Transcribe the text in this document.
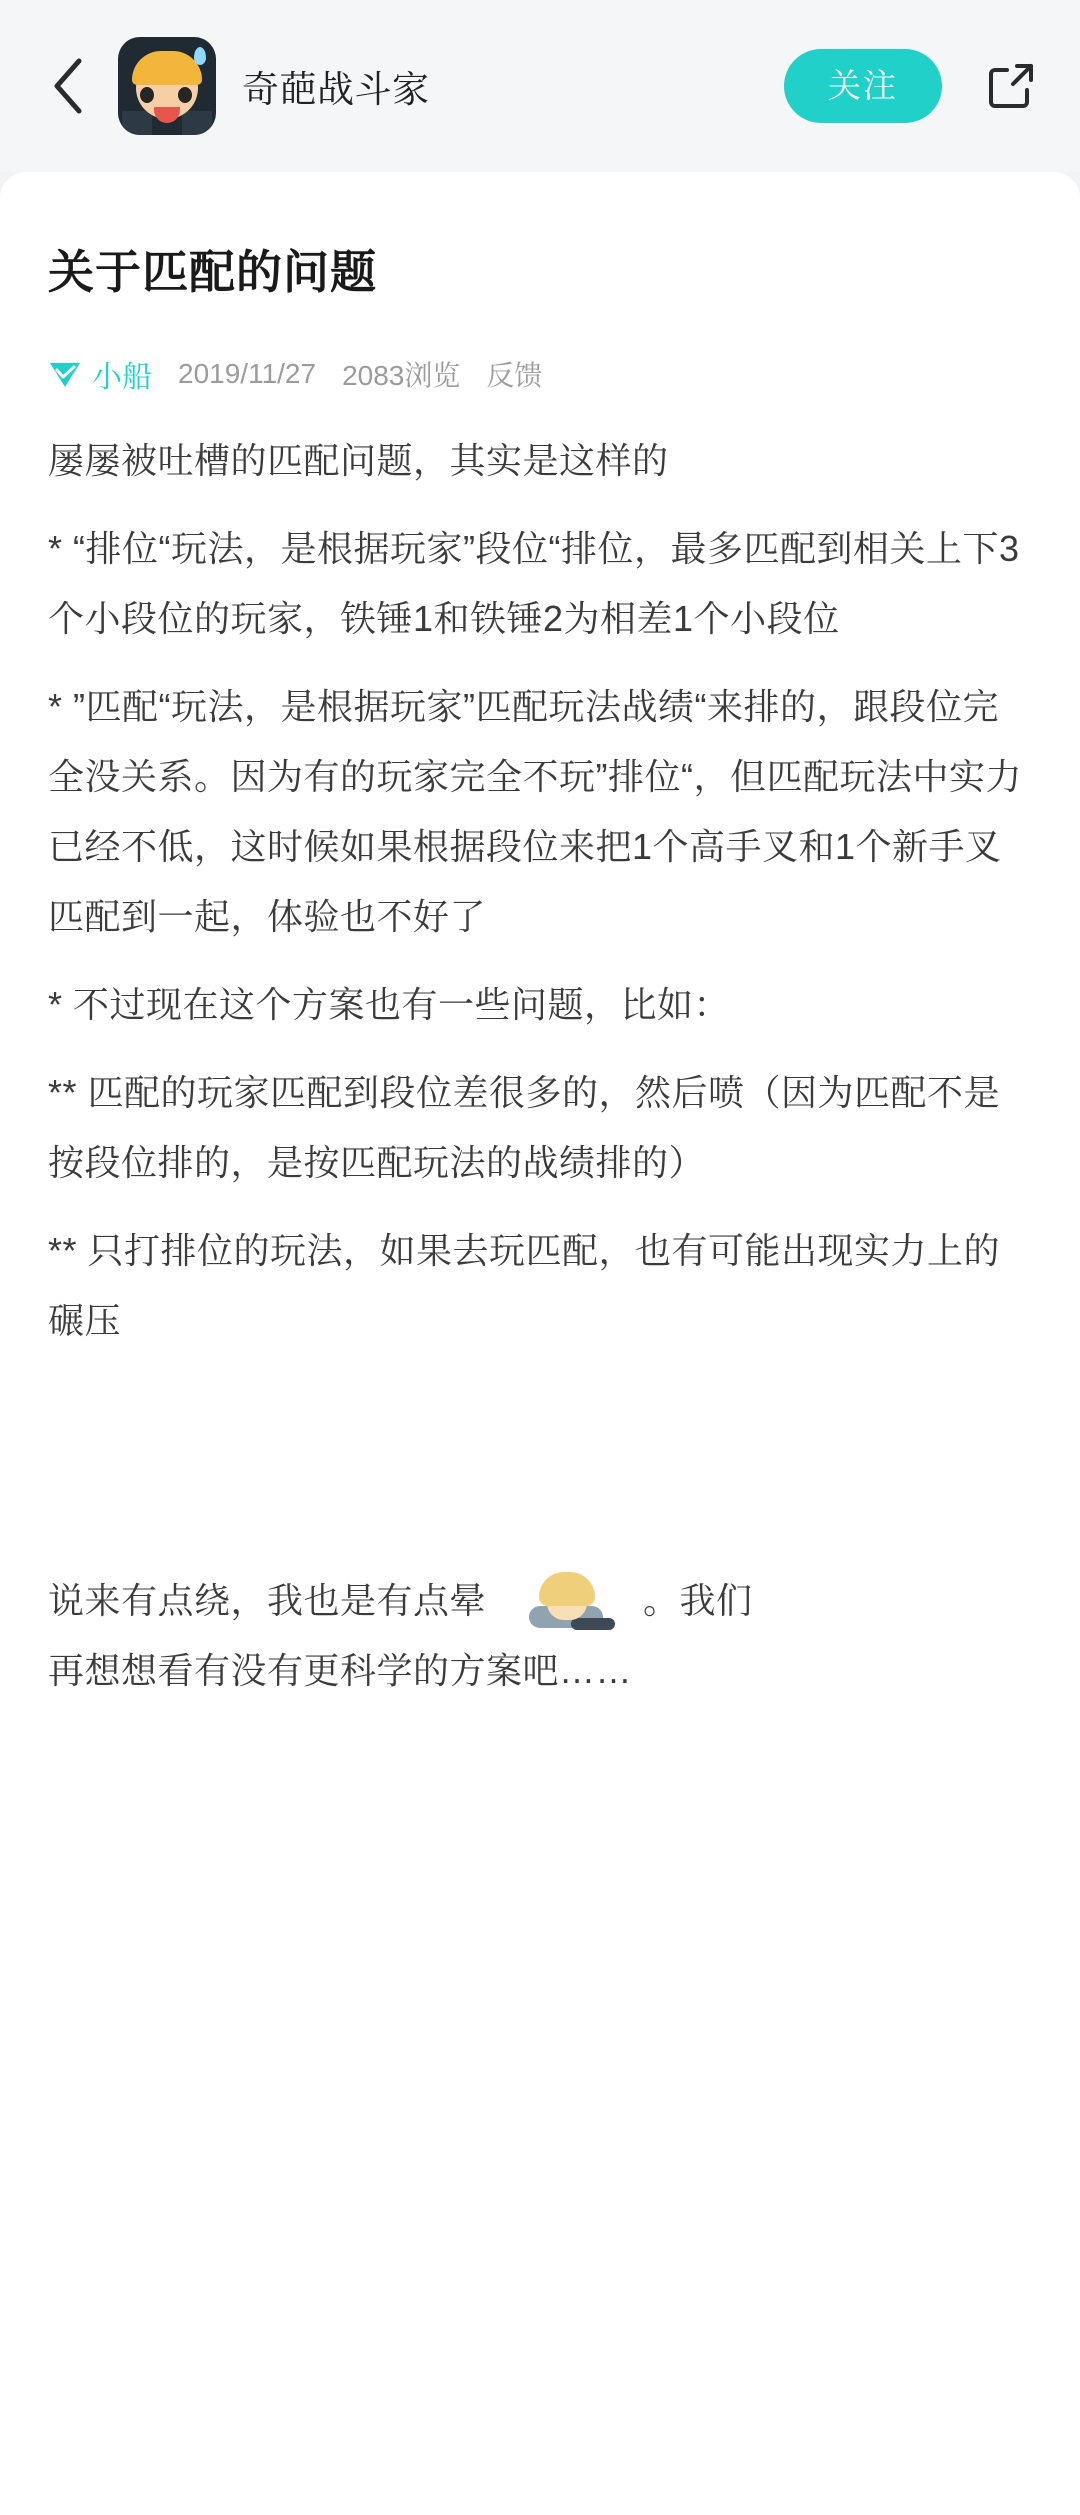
奇葩战斗家	关注
关于匹配的问题
小船 2019/11/27 2083浏览 反馈

屡屡被吐槽的匹配问题，其实是这样的

* “排位“玩法，是根据玩家”段位“排位，最多匹配到相关上下3个小段位的玩家，铁锤1和铁锤2为相差1个小段位

* ”匹配“玩法，是根据玩家”匹配玩法战绩“来排的，跟段位完全没关系。因为有的玩家完全不玩”排位“，但匹配玩法中实力已经不低，这时候如果根据段位来把1个高手叉和1个新手叉匹配到一起，体验也不好了

* 不过现在这个方案也有一些问题，比如：

** 匹配的玩家匹配到段位差很多的，然后喷（因为匹配不是按段位排的，是按匹配玩法的战绩排的）

** 只打排位的玩法，如果去玩匹配，也有可能出现实力上的碾压

说来有点绕，我也是有点晕	。我们
再想想看有没有更科学的方案吧……
